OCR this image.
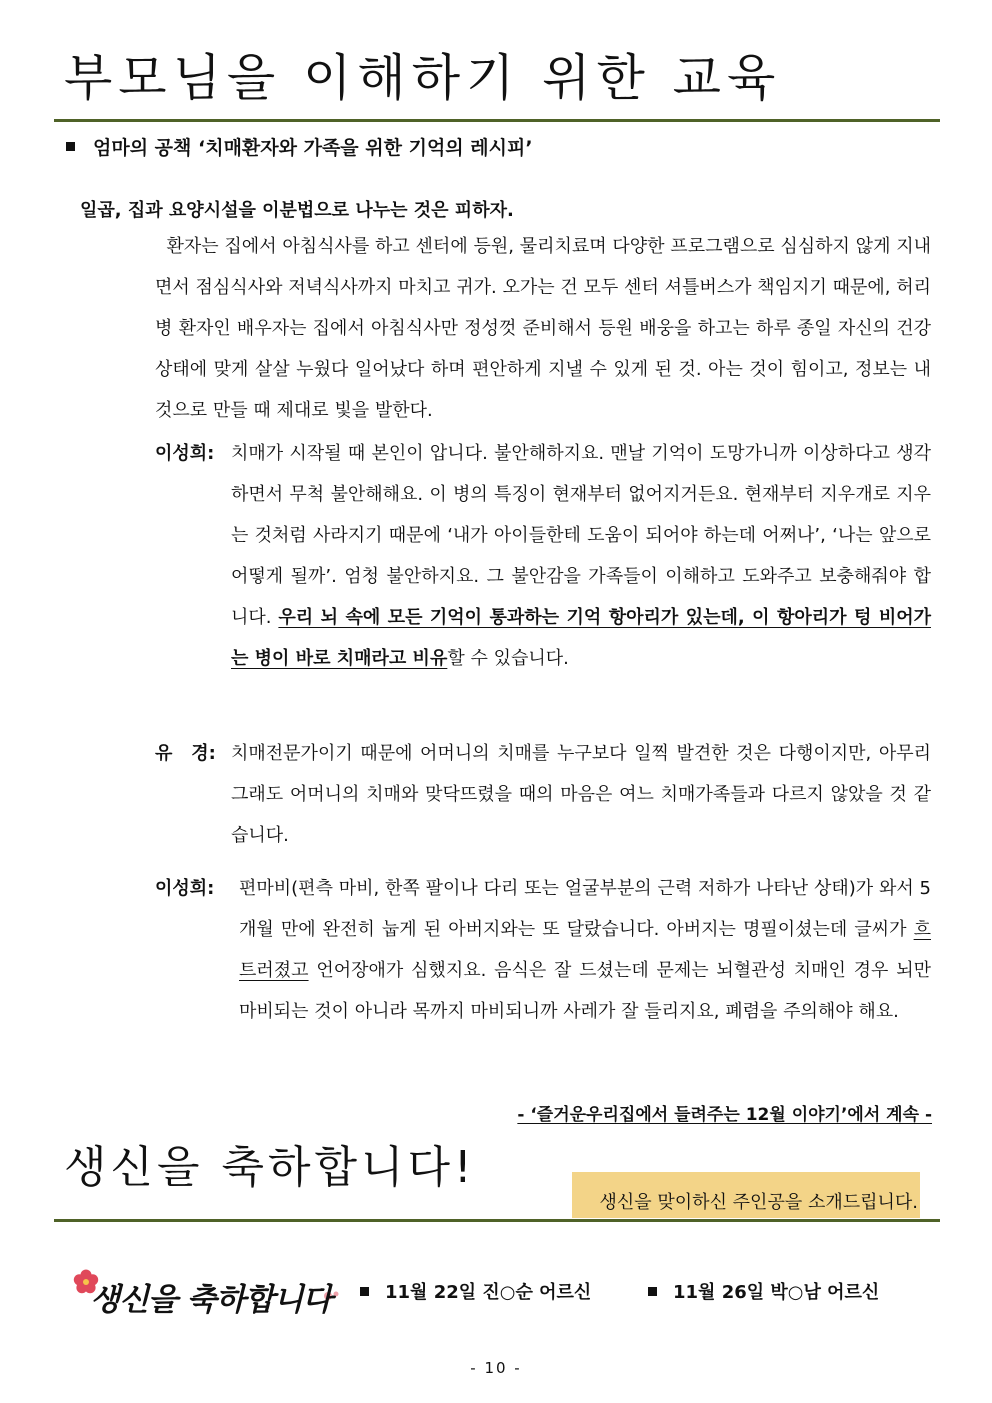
부모님을 이해하기 위한 교육
엄마의 공책 ‘치매환자와 가족을 위한 기억의 레시피’
일곱, 집과 요양시설을 이분법으로 나누는 것은 피하자.

환자는 집에서 아침식사를 하고 센터에 등원, 물리치료며 다양한 프로그램으로 심심하지 않게 지내면서 점심식사와 저녁식사까지 마치고 귀가. 오가는 건 모두 센터 셔틀버스가 책임지기 때문에, 허리병 환자인 배우자는 집에서 아침식사만 정성껏 준비해서 등원 배웅을 하고는 하루 종일 자신의 건강상태에 맞게 살살 누웠다 일어났다 하며 편안하게 지낼 수 있게 된 것. 아는 것이 힘이고, 정보는 내 것으로 만들 때 제대로 빛을 발한다.

이성희: 치매가 시작될 때 본인이 압니다. 불안해하지요. 맨날 기억이 도망가니까 이상하다고 생각하면서 무척 불안해해요. 이 병의 특징이 현재부터 없어지거든요. 현재부터 지우개로 지우는 것처럼 사라지기 때문에 ‘내가 아이들한테 도움이 되어야 하는데 어쩌나’, ‘나는 앞으로 어떻게 될까’. 엄청 불안하지요. 그 불안감을 가족들이 이해하고 도와주고 보충해줘야 합니다. 우리 뇌 속에 모든 기억이 통과하는 기억 항아리가 있는데, 이 항아리가 텅 비어가는 병이 바로 치매라고 비유할 수 있습니다.

유   경: 치매전문가이기 때문에 어머니의 치매를 누구보다 일찍 발견한 것은 다행이지만, 아무리 그래도 어머니의 치매와 맞닥뜨렸을 때의 마음은 여느 치매가족들과 다르지 않았을 것 같습니다.

이성희: 편마비(편측 마비, 한쪽 팔이나 다리 또는 얼굴부분의 근력 저하가 나타난 상태)가 와서 5개월 만에 완전히 눕게 된 아버지와는 또 달랐습니다. 아버지는 명필이셨는데 글씨가 흐트러졌고 언어장애가 심했지요. 음식은 잘 드셨는데 문제는 뇌혈관성 치매인 경우 뇌만 마비되는 것이 아니라 목까지 마비되니까 사레가 잘 들리지요, 폐렴을 주의해야 해요.

- ‘즐거운우리집에서 들려주는 12월 이야기’에서 계속 -
생신을 축하합니다!
생신을 맞이하신 주인공을 소개드립니다.
생신을 축하합니다	11월 22일 진○순 어르신	11월 26일 박○남 어르신
- 10 -
